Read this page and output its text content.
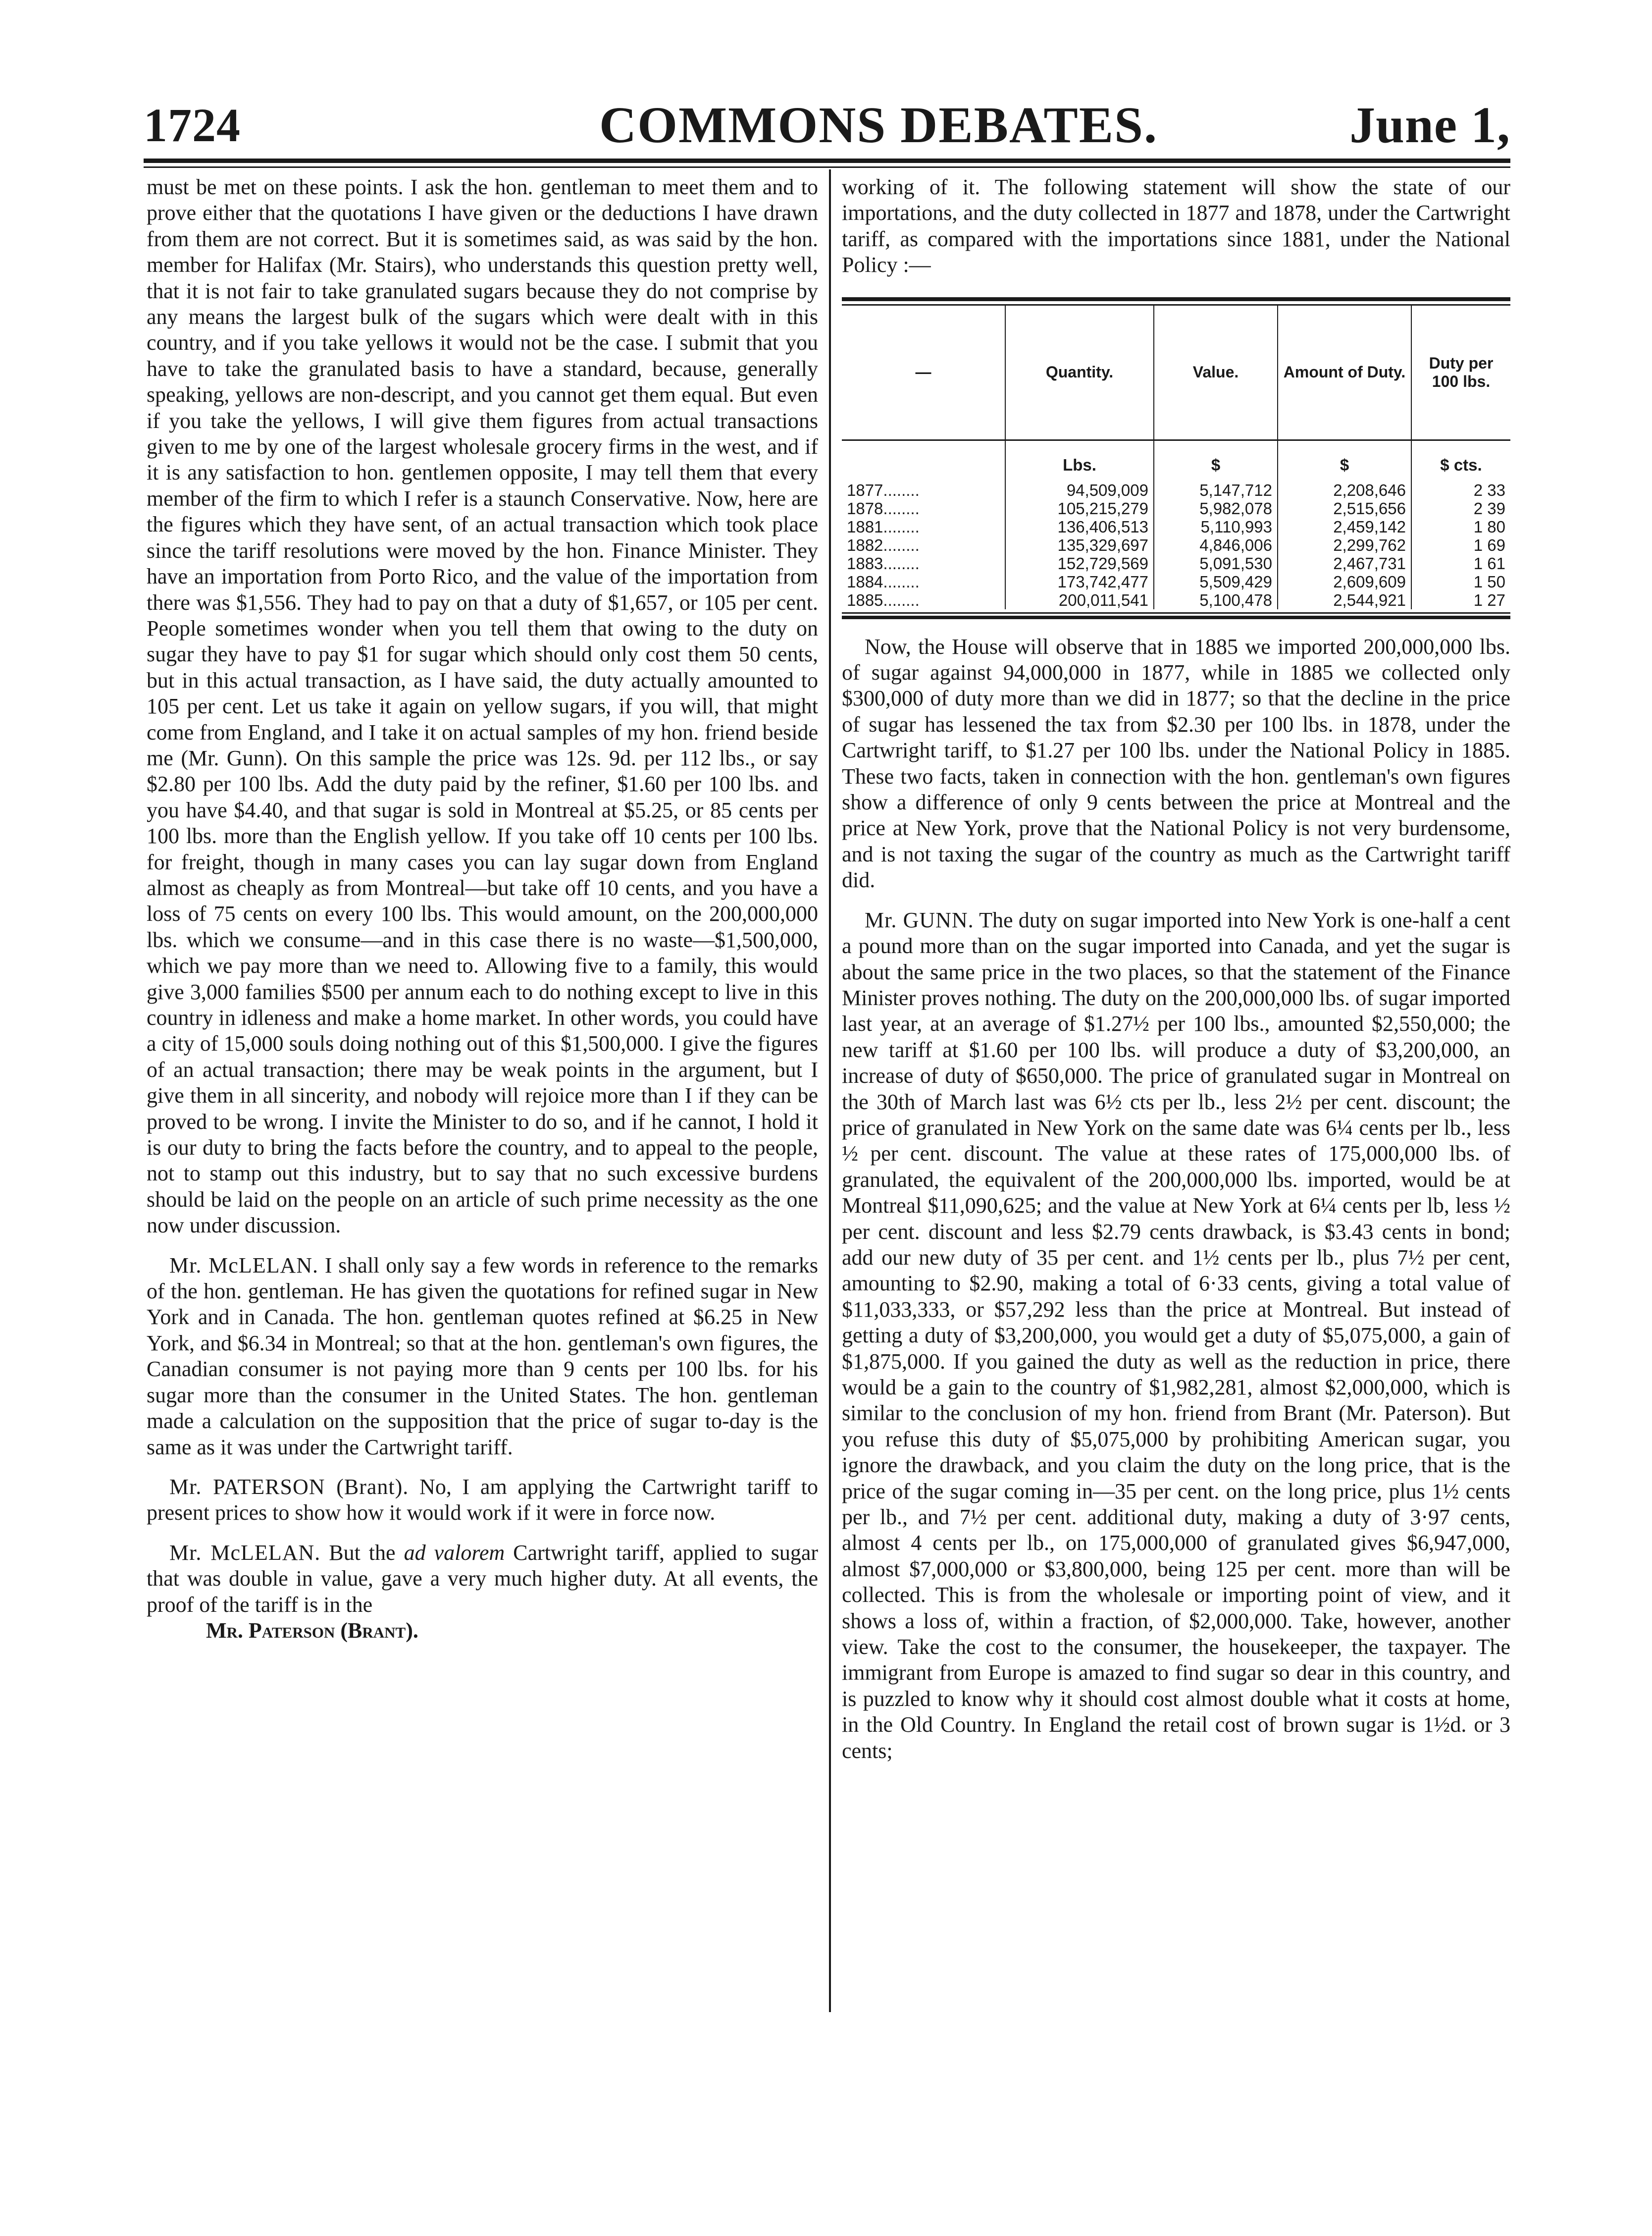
1724	COMMONS DEBATES.	June 1,

must be met on these points. I ask the hon. gentleman to meet them and to prove either that the quotations I have given or the deductions I have drawn from them are not correct. But it is sometimes said, as was said by the hon. member for Halifax (Mr. Stairs), who understands this question pretty well, that it is not fair to take granulated sugars because they do not comprise by any means the largest bulk of the sugars which were dealt with in this country, and if you take yellows it would not be the case. I submit that you have to take the granulated basis to have a standard, because, generally speaking, yellows are non-descript, and you cannot get them equal. But even if you take the yellows, I will give them figures from actual transactions given to me by one of the largest wholesale grocery firms in the west, and if it is any satisfaction to hon. gentlemen opposite, I may tell them that every member of the firm to which I refer is a staunch Conservative. Now, here are the figures which they have sent, of an actual transaction which took place since the tariff resolutions were moved by the hon. Finance Minister. They have an importation from Porto Rico, and the value of the importation from there was $1,556. They had to pay on that a duty of $1,657, or 105 per cent. People sometimes wonder when you tell them that owing to the duty on sugar they have to pay $1 for sugar which should only cost them 50 cents, but in this actual transaction, as I have said, the duty actually amounted to 105 per cent. Let us take it again on yellow sugars, if you will, that might come from England, and I take it on actual samples of my hon. friend beside me (Mr. Gunn). On this sample the price was 12s. 9d. per 112 lbs., or say $2.80 per 100 lbs. Add the duty paid by the refiner, $1.60 per 100 lbs. and you have $4.40, and that sugar is sold in Montreal at $5.25, or 85 cents per 100 lbs. more than the English yellow. If you take off 10 cents per 100 lbs. for freight, though in many cases you can lay sugar down from England almost as cheaply as from Montreal—but take off 10 cents, and you have a loss of 75 cents on every 100 lbs. This would amount, on the 200,000,000 lbs. which we consume—and in this case there is no waste—$1,500,000, which we pay more than we need to. Allowing five to a family, this would give 3,000 families $500 per annum each to do nothing except to live in this country in idleness and make a home market. In other words, you could have a city of 15,000 souls doing nothing out of this $1,500,000. I give the figures of an actual transaction; there may be weak points in the argument, but I give them in all sincerity, and nobody will rejoice more than I if they can be proved to be wrong. I invite the Minister to do so, and if he cannot, I hold it is our duty to bring the facts before the country, and to appeal to the people, not to stamp out this industry, but to say that no such excessive burdens should be laid on the people on an article of such prime necessity as the one now under discussion.

Mr. McLELAN. I shall only say a few words in reference to the remarks of the hon. gentleman. He has given the quotations for refined sugar in New York and in Canada. The hon. gentleman quotes refined at $6.25 in New York, and $6.34 in Montreal; so that at the hon. gentleman's own figures, the Canadian consumer is not paying more than 9 cents per 100 lbs. for his sugar more than the consumer in the United States. The hon. gentleman made a calculation on the supposition that the price of sugar to-day is the same as it was under the Cartwright tariff.

Mr. PATERSON (Brant). No, I am applying the Cartwright tariff to present prices to show how it would work if it were in force now.

Mr. McLELAN. But the ad valorem Cartwright tariff, applied to sugar that was double in value, gave a very much higher duty. At all events, the proof of the tariff is in the

Mr. Paterson (Brant).

working of it. The following statement will show the state of our importations, and the duty collected in 1877 and 1878, under the Cartwright tariff, as compared with the importations since 1881, under the National Policy :—

—	Quantity.	Value.	Amount of Duty.	Duty per 100 lbs.
	Lbs.	$	$	$ cts.
1877........	94,509,009	5,147,712	2,208,646	2 33
1878........	105,215,279	5,982,078	2,515,656	2 39
1881........	136,406,513	5,110,993	2,459,142	1 80
1882........	135,329,697	4,846,006	2,299,762	1 69
1883........	152,729,569	5,091,530	2,467,731	1 61
1884........	173,742,477	5,509,429	2,609,609	1 50
1885........	200,011,541	5,100,478	2,544,921	1 27

Now, the House will observe that in 1885 we imported 200,000,000 lbs. of sugar against 94,000,000 in 1877, while in 1885 we collected only $300,000 of duty more than we did in 1877; so that the decline in the price of sugar has lessened the tax from $2.30 per 100 lbs. in 1878, under the Cartwright tariff, to $1.27 per 100 lbs. under the National Policy in 1885. These two facts, taken in connection with the hon. gentleman's own figures show a difference of only 9 cents between the price at Montreal and the price at New York, prove that the National Policy is not very burdensome, and is not taxing the sugar of the country as much as the Cartwright tariff did.

Mr. GUNN. The duty on sugar imported into New York is one-half a cent a pound more than on the sugar imported into Canada, and yet the sugar is about the same price in the two places, so that the statement of the Finance Minister proves nothing. The duty on the 200,000,000 lbs. of sugar imported last year, at an average of $1.27½ per 100 lbs., amounted $2,550,000; the new tariff at $1.60 per 100 lbs. will produce a duty of $3,200,000, an increase of duty of $650,000. The price of granulated sugar in Montreal on the 30th of March last was 6½ cts per lb., less 2½ per cent. discount; the price of granulated in New York on the same date was 6¼ cents per lb., less ½ per cent. discount. The value at these rates of 175,000,000 lbs. of granulated, the equivalent of the 200,000,000 lbs. imported, would be at Montreal $11,090,625; and the value at New York at 6¼ cents per lb, less ½ per cent. discount and less $2.79 cents drawback, is $3.43 cents in bond; add our new duty of 35 per cent. and 1½ cents per lb., plus 7½ per cent, amounting to $2.90, making a total of 6·33 cents, giving a total value of $11,033,333, or $57,292 less than the price at Montreal. But instead of getting a duty of $3,200,000, you would get a duty of $5,075,000, a gain of $1,875,000. If you gained the duty as well as the reduction in price, there would be a gain to the country of $1,982,281, almost $2,000,000, which is similar to the conclusion of my hon. friend from Brant (Mr. Paterson). But you refuse this duty of $5,075,000 by prohibiting American sugar, you ignore the drawback, and you claim the duty on the long price, that is the price of the sugar coming in—35 per cent. on the long price, plus 1½ cents per lb., and 7½ per cent. additional duty, making a duty of 3·97 cents, almost 4 cents per lb., on 175,000,000 of granulated gives $6,947,000, almost $7,000,000 or $3,800,000, being 125 per cent. more than will be collected. This is from the wholesale or importing point of view, and it shows a loss of, within a fraction, of $2,000,000. Take, however, another view. Take the cost to the consumer, the housekeeper, the taxpayer. The immigrant from Europe is amazed to find sugar so dear in this country, and is puzzled to know why it should cost almost double what it costs at home, in the Old Country. In England the retail cost of brown sugar is 1½d. or 3 cents;
